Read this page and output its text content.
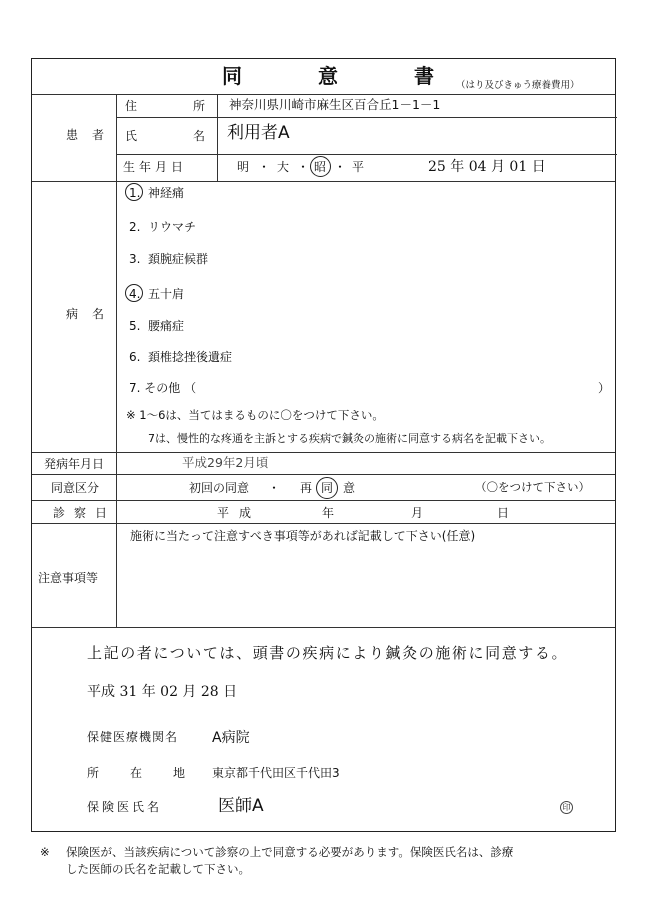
同	意	書 （はり及びきゅう療養費用）
患 者
住	所 神奈川県川崎市麻生区百合丘1－1－1
氏	名 利用者A
生年月日	明 ・ 大 ・ 昭 ・ 平	25 年 04 月 01 日
病 名
1. 神経痛
2. リウマチ
3. 頚腕症候群
4. 五十肩
5. 腰痛症
6. 頚椎捻挫後遺症
7. その他 （	）
※ 1～6は、当てはまるものに〇をつけて下さい。
7は、慢性的な疼通を主訴とする疾病で鍼灸の施術に同意する病名を記載下さい。
発病年月日	平成29年2月頃
同意区分	初回の同意 ・ 再 同 意	（〇をつけて下さい）
診 察 日	平成	年	月	日
注意事項等
施術に当たって注意すべき事項等があれば記載して下さい(任意)
上記の者については、頭書の疾病により鍼灸の施術に同意する。
平成 31 年 02 月 28 日
保健医療機関名 A病院
所	在	地 東京都千代田区千代田3
保険医氏名	医師A	印
※ 保険医が、当該疾病について診察の上で同意する必要があります。保険医氏名は、診療
した医師の氏名を記載して下さい。
